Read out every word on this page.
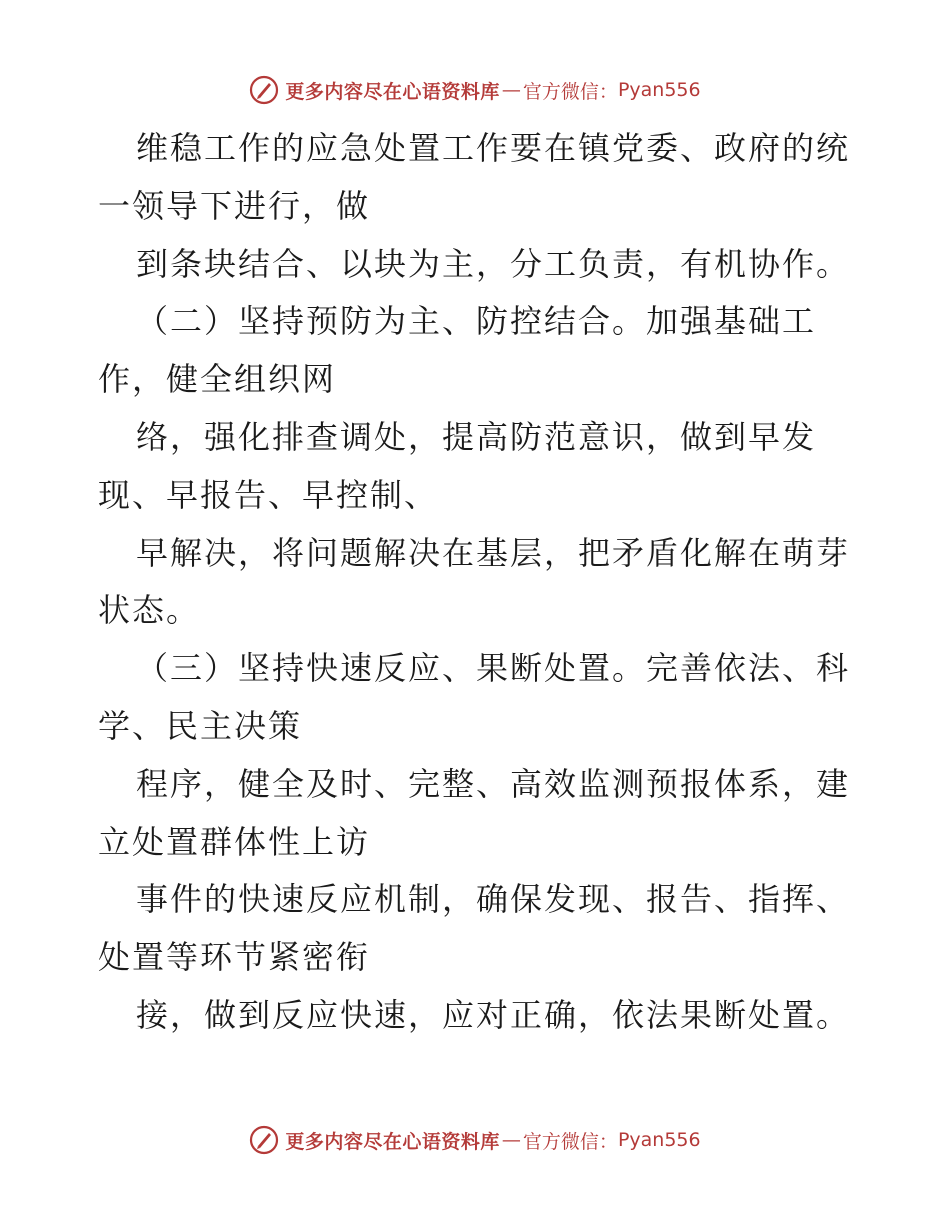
更多内容尽在心语资料库 — 官方微信： Pyan556
维稳工作的应急处置工作要在镇党委、政府的统
一领导下进行，做
到条块结合、以块为主，分工负责，有机协作。
（二）坚持预防为主、防控结合。加强基础工
作，健全组织网
络，强化排查调处，提高防范意识，做到早发
现、早报告、早控制、
早解决，将问题解决在基层，把矛盾化解在萌芽
状态。
（三）坚持快速反应、果断处置。完善依法、科
学、民主决策
程序，健全及时、完整、高效监测预报体系，建
立处置群体性上访
事件的快速反应机制，确保发现、报告、指挥、
处置等环节紧密衔
接，做到反应快速，应对正确，依法果断处置。
更多内容尽在心语资料库 — 官方微信： Pyan556
